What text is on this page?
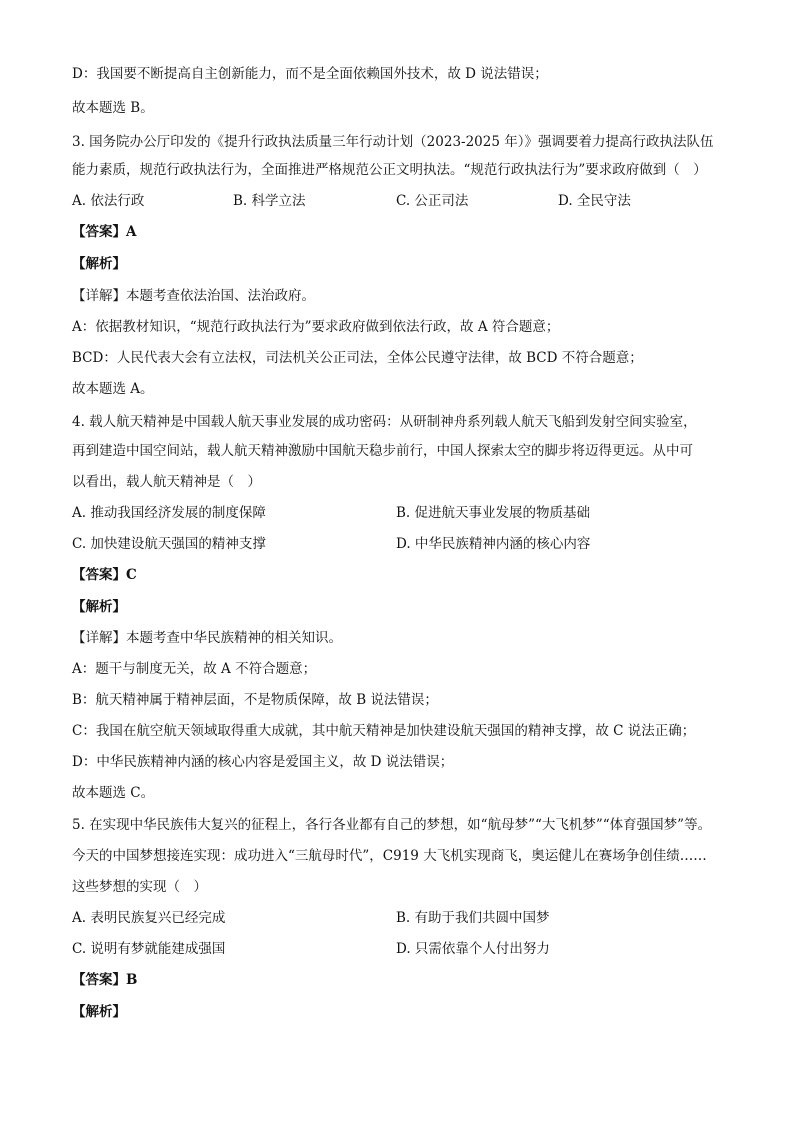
D：我国要不断提高自主创新能力，而不是全面依赖国外技术，故 D 说法错误；
故本题选 B。
3. 国务院办公厅印发的《提升行政执法质量三年行动计划（2023-2025 年）》强调要着力提高行政执法队伍
能力素质，规范行政执法行为，全面推进严格规范公正文明执法。“规范行政执法行为”要求政府做到（　）
A. 依法行政	B. 科学立法	C. 公正司法	D. 全民守法
【答案】A
【解析】
【详解】本题考查依法治国、法治政府。
A：依据教材知识，“规范行政执法行为”要求政府做到依法行政，故 A 符合题意；
BCD：人民代表大会有立法权，司法机关公正司法，全体公民遵守法律，故 BCD 不符合题意；
故本题选 A。
4. 载人航天精神是中国载人航天事业发展的成功密码：从研制神舟系列载人航天飞船到发射空间实验室，
再到建造中国空间站，载人航天精神激励中国航天稳步前行，中国人探索太空的脚步将迈得更远。从中可
以看出，载人航天精神是（　）
A. 推动我国经济发展的制度保障	B. 促进航天事业发展的物质基础
C. 加快建设航天强国的精神支撑	D. 中华民族精神内涵的核心内容
【答案】C
【解析】
【详解】本题考查中华民族精神的相关知识。
A：题干与制度无关，故 A 不符合题意；
B：航天精神属于精神层面，不是物质保障，故 B 说法错误；
C：我国在航空航天领域取得重大成就，其中航天精神是加快建设航天强国的精神支撑，故 C 说法正确；
D：中华民族精神内涵的核心内容是爱国主义，故 D 说法错误；
故本题选 C。
5. 在实现中华民族伟大复兴的征程上，各行各业都有自己的梦想，如“航母梦”“大飞机梦”“体育强国梦”等。
今天的中国梦想接连实现：成功进入“三航母时代”，C919 大飞机实现商飞，奥运健儿在赛场争创佳绩……
这些梦想的实现（　）
A. 表明民族复兴已经完成	B. 有助于我们共圆中国梦
C. 说明有梦就能建成强国	D. 只需依靠个人付出努力
【答案】B
【解析】
